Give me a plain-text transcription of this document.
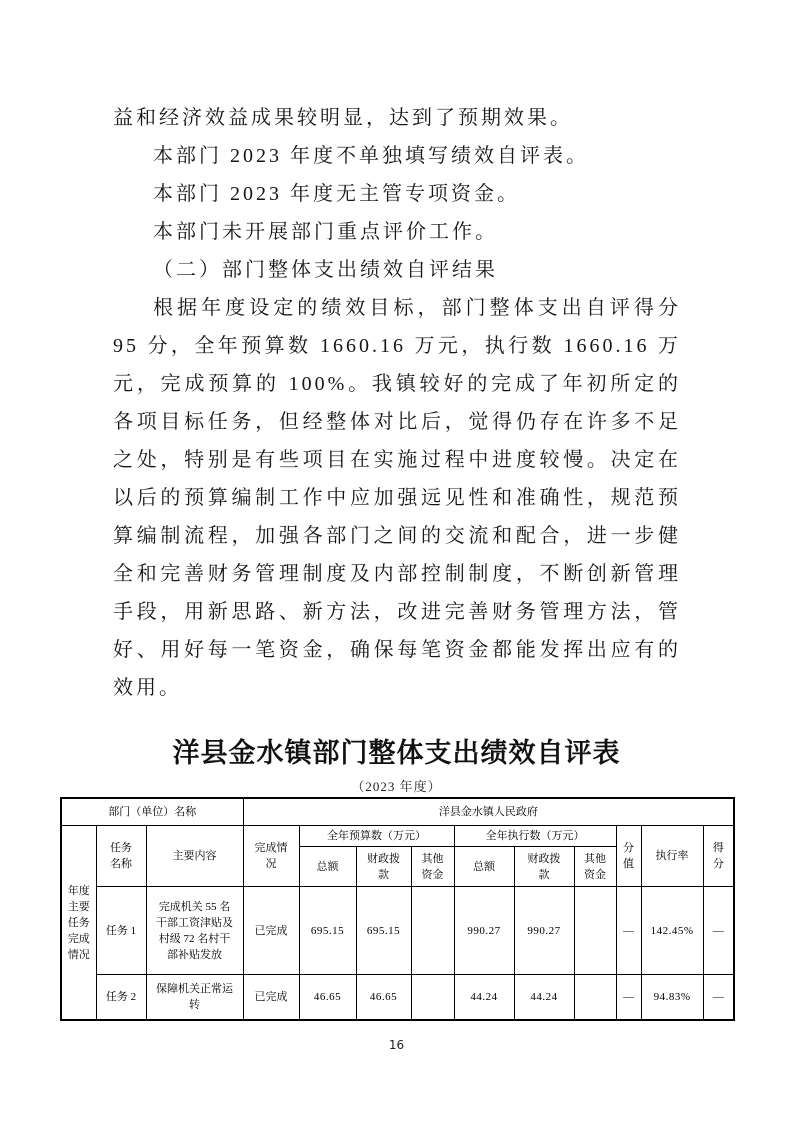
益和经济效益成果较明显，达到了预期效果。
本部门 2023 年度不单独填写绩效自评表。
本部门 2023 年度无主管专项资金。
本部门未开展部门重点评价工作。
（二）部门整体支出绩效自评结果

根据年度设定的绩效目标，部门整体支出自评得分 95 分，全年预算数 1660.16 万元，执行数 1660.16 万元，完成预算的 100%。我镇较好的完成了年初所定的各项目标任务，但经整体对比后，觉得仍存在许多不足之处，特别是有些项目在实施过程中进度较慢。决定在以后的预算编制工作中应加强远见性和准确性，规范预算编制流程，加强各部门之间的交流和配合，进一步健全和完善财务管理制度及内部控制制度，不断创新管理手段，用新思路、新方法，改进完善财务管理方法，管好、用好每一笔资金，确保每笔资金都能发挥出应有的效用。

洋县金水镇部门整体支出绩效自评表
（2023 年度）
部门（单位）名称			洋县金水镇人民政府									
年度主要任务完成情况	任务名称	主要内容	完成情况	全年预算数（万元）			全年执行数（万元）			分值	执行率	得分
				总额	财政拨款	其他资金	总额	财政拨款	其他资金			
	任务 1	完成机关 55 名干部工资津贴及村级 72 名村干部补贴发放	已完成	695.15	695.15		990.27	990.27		—	142.45%	—
	任务 2	保障机关正常运转	已完成	46.65	46.65		44.24	44.24		—	94.83%	—
16
